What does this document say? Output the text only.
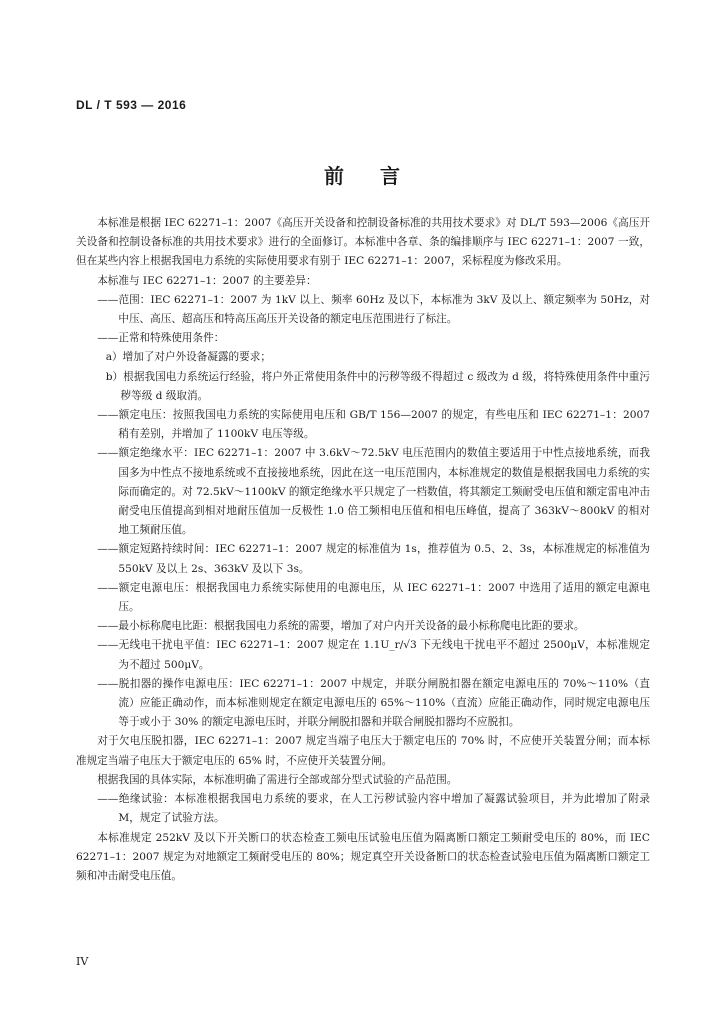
DL / T 593 — 2016
前言

本标准是根据 IEC 62271–1：2007《高压开关设备和控制设备标准的共用技术要求》对 DL/T 593—2006《高压开关设备和控制设备标准的共用技术要求》进行的全面修订。本标准中各章、条的编排顺序与 IEC 62271–1：2007 一致，但在某些内容上根据我国电力系统的实际使用要求有别于 IEC 62271–1：2007，采标程度为修改采用。

本标准与 IEC 62271–1：2007 的主要差异：

——范围：IEC 62271–1：2007 为 1kV 以上、频率 60Hz 及以下，本标准为 3kV 及以上、额定频率为 50Hz，对中压、高压、超高压和特高压高压开关设备的额定电压范围进行了标注。

——正常和特殊使用条件：

a）增加了对户外设备凝露的要求；

b）根据我国电力系统运行经验，将户外正常使用条件中的污秽等级不得超过 c 级改为 d 级，将特殊使用条件中重污秽等级 d 级取消。

——额定电压：按照我国电力系统的实际使用电压和 GB/T 156—2007 的规定，有些电压和 IEC 62271–1：2007 稍有差别，并增加了 1100kV 电压等级。

——额定绝缘水平：IEC 62271–1：2007 中 3.6kV～72.5kV 电压范围内的数值主要适用于中性点接地系统，而我国多为中性点不接地系统或不直接接地系统，因此在这一电压范围内，本标准规定的数值是根据我国电力系统的实际而确定的。对 72.5kV～1100kV 的额定绝缘水平只规定了一档数值，将其额定工频耐受电压值和额定雷电冲击耐受电压值提高到相对地耐压值加一反极性 1.0 倍工频相电压值和相电压峰值，提高了 363kV～800kV 的相对地工频耐压值。

——额定短路持续时间：IEC 62271–1：2007 规定的标准值为 1s，推荐值为 0.5、2、3s，本标准规定的标准值为 550kV 及以上 2s、363kV 及以下 3s。

——额定电源电压：根据我国电力系统实际使用的电源电压，从 IEC 62271–1：2007 中选用了适用的额定电源电压。

——最小标称爬电比距：根据我国电力系统的需要，增加了对户内开关设备的最小标称爬电比距的要求。

——无线电干扰电平值：IEC 62271–1：2007 规定在 1.1U_r/√3 下无线电干扰电平不超过 2500μV，本标准规定为不超过 500μV。

——脱扣器的操作电源电压：IEC 62271–1：2007 中规定，并联分闸脱扣器在额定电源电压的 70%～110%（直流）应能正确动作，而本标准则规定在额定电源电压的 65%～110%（直流）应能正确动作，同时规定电源电压等于或小于 30% 的额定电源电压时，并联分闸脱扣器和并联合闸脱扣器均不应脱扣。

对于欠电压脱扣器，IEC 62271–1：2007 规定当端子电压大于额定电压的 70% 时，不应使开关装置分闸；而本标准规定当端子电压大于额定电压的 65% 时，不应使开关装置分闸。

根据我国的具体实际，本标准明确了需进行全部或部分型式试验的产品范围。

——绝缘试验：本标准根据我国电力系统的要求，在人工污秽试验内容中增加了凝露试验项目，并为此增加了附录 M，规定了试验方法。

本标准规定 252kV 及以下开关断口的状态检查工频电压试验电压值为隔离断口额定工频耐受电压的 80%，而 IEC 62271–1：2007 规定为对地额定工频耐受电压的 80%；规定真空开关设备断口的状态检查试验电压值为隔离断口额定工频和冲击耐受电压值。

IV
